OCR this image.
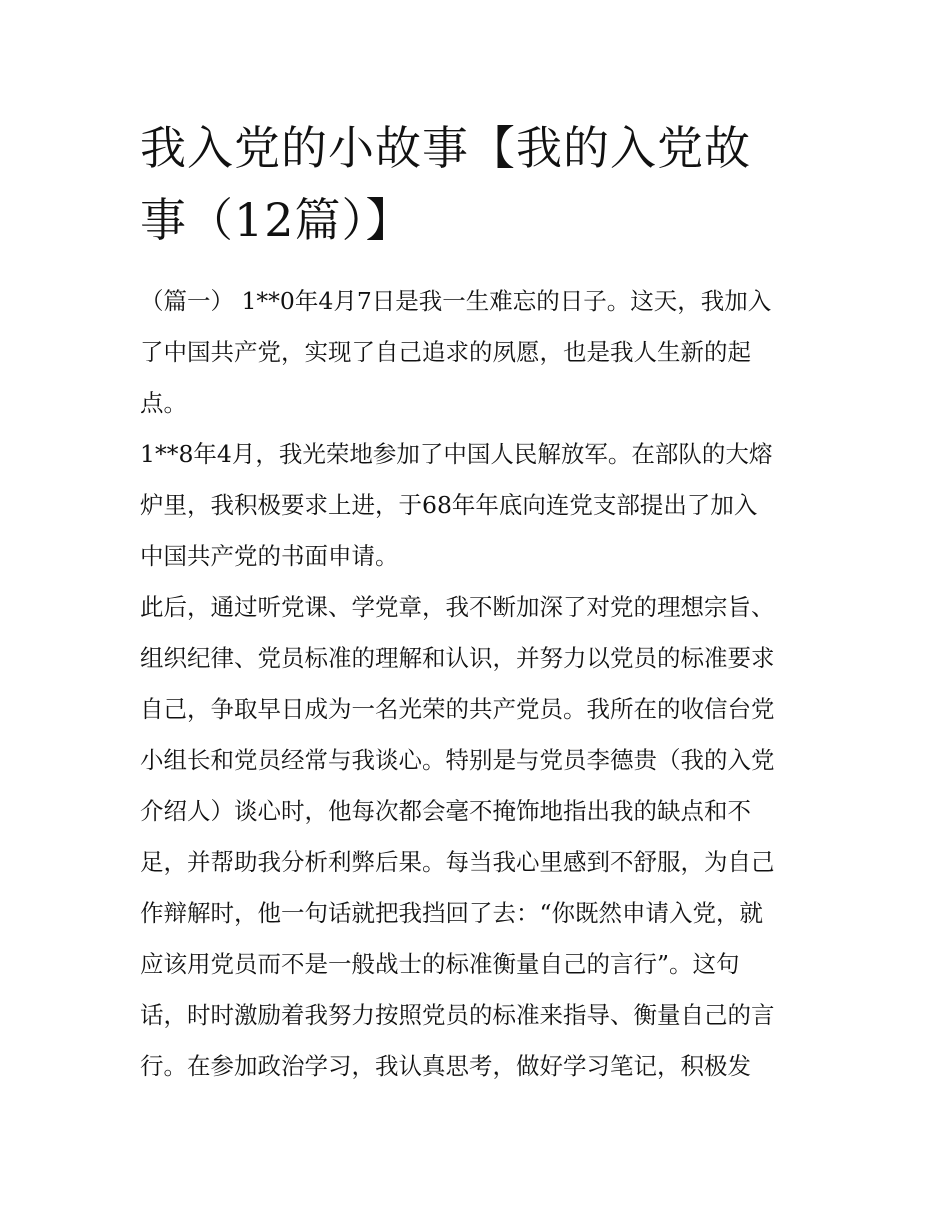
我入党的小故事【我的入党故
事（12篇）】
（篇一） 1**0年4月7日是我一生难忘的日子。这天，我加入
了中国共产党，实现了自己追求的夙愿，也是我人生新的起
点。
1**8年4月，我光荣地参加了中国人民解放军。在部队的大熔
炉里，我积极要求上进，于68年年底向连党支部提出了加入
中国共产党的书面申请。
此后，通过听党课、学党章，我不断加深了对党的理想宗旨、
组织纪律、党员标准的理解和认识，并努力以党员的标准要求
自己，争取早日成为一名光荣的共产党员。我所在的收信台党
小组长和党员经常与我谈心。特别是与党员李德贵（我的入党
介绍人）谈心时，他每次都会毫不掩饰地指出我的缺点和不
足，并帮助我分析利弊后果。每当我心里感到不舒服，为自己
作辩解时，他一句话就把我挡回了去：“你既然申请入党，就
应该用党员而不是一般战士的标准衡量自己的言行”。这句
话，时时激励着我努力按照党员的标准来指导、衡量自己的言
行。在参加政治学习，我认真思考，做好学习笔记，积极发
